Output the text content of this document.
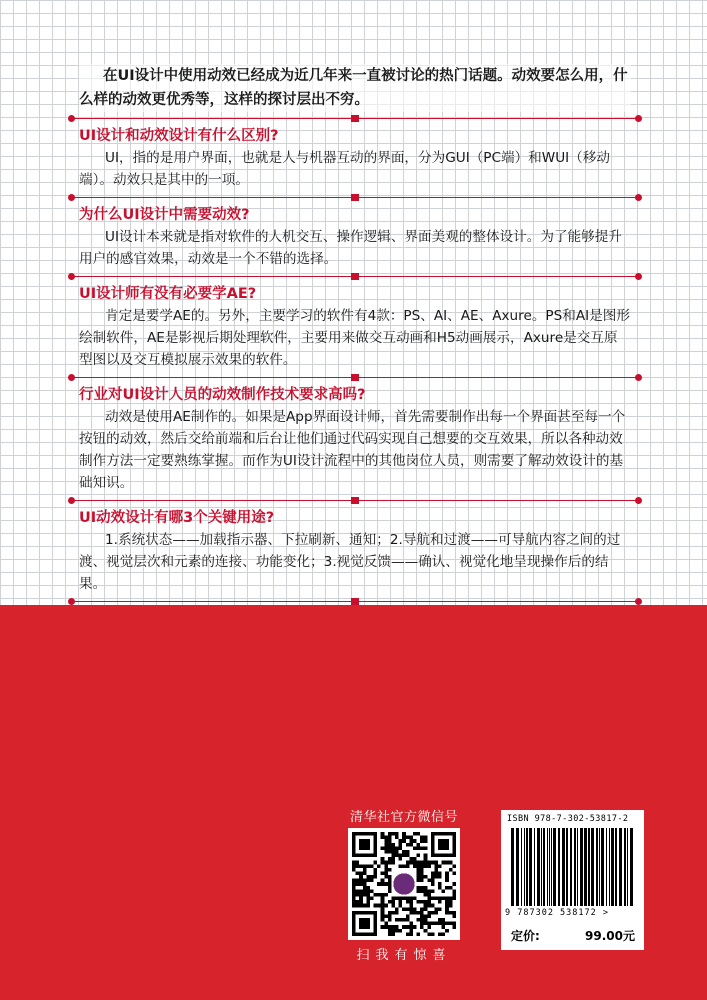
在UI设计中使用动效已经成为近几年来一直被讨论的热门话题。动效要怎么用，什么样的动效更优秀等，这样的探讨层出不穷。

UI设计和动效设计有什么区别?

UI，指的是用户界面，也就是人与机器互动的界面，分为GUI（PC端）和WUI（移动端）。动效只是其中的一项。

为什么UI设计中需要动效?

UI设计本来就是指对软件的人机交互、操作逻辑、界面美观的整体设计。为了能够提升用户的感官效果，动效是一个不错的选择。

UI设计师有没有必要学AE?

肯定是要学AE的。另外，主要学习的软件有4款：PS、AI、AE、Axure。PS和AI是图形绘制软件，AE是影视后期处理软件，主要用来做交互动画和H5动画展示，Axure是交互原型图以及交互模拟展示效果的软件。

行业对UI设计人员的动效制作技术要求高吗?

动效是使用AE制作的。如果是App界面设计师，首先需要制作出每一个界面甚至每一个按钮的动效，然后交给前端和后台让他们通过代码实现自己想要的交互效果，所以各种动效制作方法一定要熟练掌握。而作为UI设计流程中的其他岗位人员，则需要了解动效设计的基础知识。

UI动效设计有哪3个关键用途?

1.系统状态——加载指示器、下拉刷新、通知；2.导航和过渡——可导航内容之间的过渡、视觉层次和元素的连接、功能变化；3.视觉反馈——确认、视觉化地呈现操作后的结果。

清华社官方微信号

扫我有惊喜
ISBN 978-7-302-53817-2
9 787302 538172 >
定价:	99.00元
